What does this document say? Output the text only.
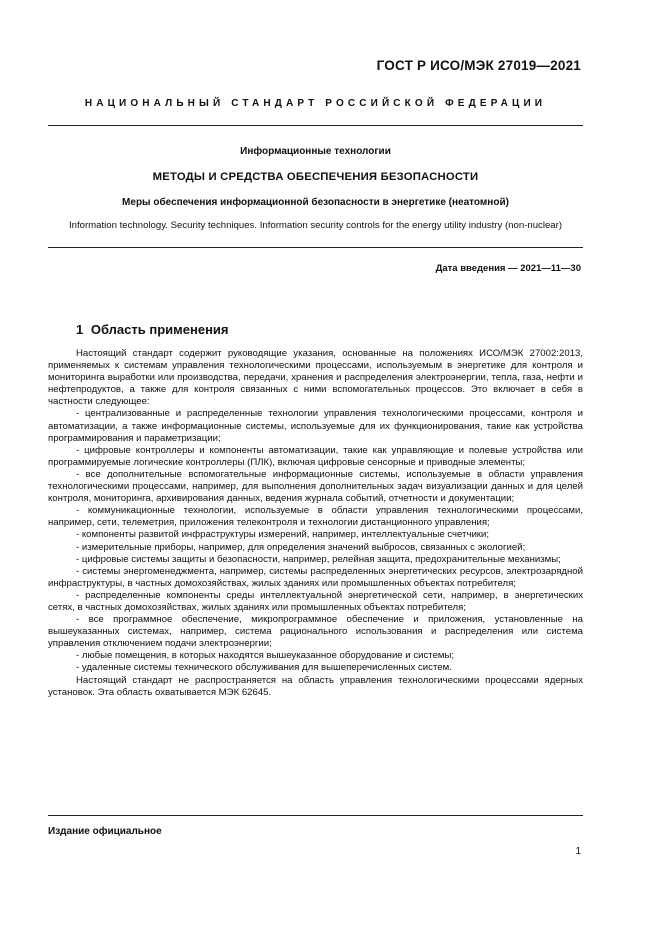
ГОСТ Р ИСО/МЭК 27019—2021
НАЦИОНАЛЬНЫЙ СТАНДАРТ РОССИЙСКОЙ ФЕДЕРАЦИИ

Информационные технологии

МЕТОДЫ И СРЕДСТВА ОБЕСПЕЧЕНИЯ БЕЗОПАСНОСТИ

Меры обеспечения информационной безопасности в энергетике (неатомной)

Information technology. Security techniques. Information security controls for the energy utility industry (non-nuclear)

Дата введения — 2021—11—30
1 Область применения

Настоящий стандарт содержит руководящие указания, основанные на положениях ИСО/МЭК 27002:2013, применяемых к системам управления технологическими процессами, используемым в энергетике для контроля и мониторинга выработки или производства, передачи, хранения и распределения электроэнергии, тепла, газа, нефти и нефтепродуктов, а также для контроля связанных с ними вспомогательных процессов. Это включает в себя в частности следующее:

- централизованные и распределенные технологии управления технологическими процессами, контроля и автоматизации, а также информационные системы, используемые для их функционирования, такие как устройства программирования и параметризации;

- цифровые контроллеры и компоненты автоматизации, такие как управляющие и полевые устройства или программируемые логические контроллеры (ПЛК), включая цифровые сенсорные и приводные элементы;

- все дополнительные вспомогательные информационные системы, используемые в области управления технологическими процессами, например, для выполнения дополнительных задач визуализации данных и для целей контроля, мониторинга, архивирования данных, ведения журнала событий, отчетности и документации;

- коммуникационные технологии, используемые в области управления технологическими процессами, например, сети, телеметрия, приложения телеконтроля и технологии дистанционного управления;

- компоненты развитой инфраструктуры измерений, например, интеллектуальные счетчики;

- измерительные приборы, например, для определения значений выбросов, связанных с экологией;

- цифровые системы защиты и безопасности, например, релейная защита, предохранительные механизмы;

- системы энергоменеджмента, например, системы распределенных энергетических ресурсов, электрозарядной инфраструктуры, в частных домохозяйствах, жилых зданиях или промышленных объектах потребителя;

- распределенные компоненты среды интеллектуальной энергетической сети, например, в энергетических сетях, в частных домохозяйствах, жилых зданиях или промышленных объектах потребителя;

- все программное обеспечение, микропрограммное обеспечение и приложения, установленные на вышеуказанных системах, например, система рационального использования и распределения или система управления отключением подачи электроэнергии;

- любые помещения, в которых находятся вышеуказанное оборудование и системы;

- удаленные системы технического обслуживания для вышеперечисленных систем.

Настоящий стандарт не распространяется на область управления технологическими процессами ядерных установок. Эта область охватывается МЭК 62645.

Издание официальное
1
